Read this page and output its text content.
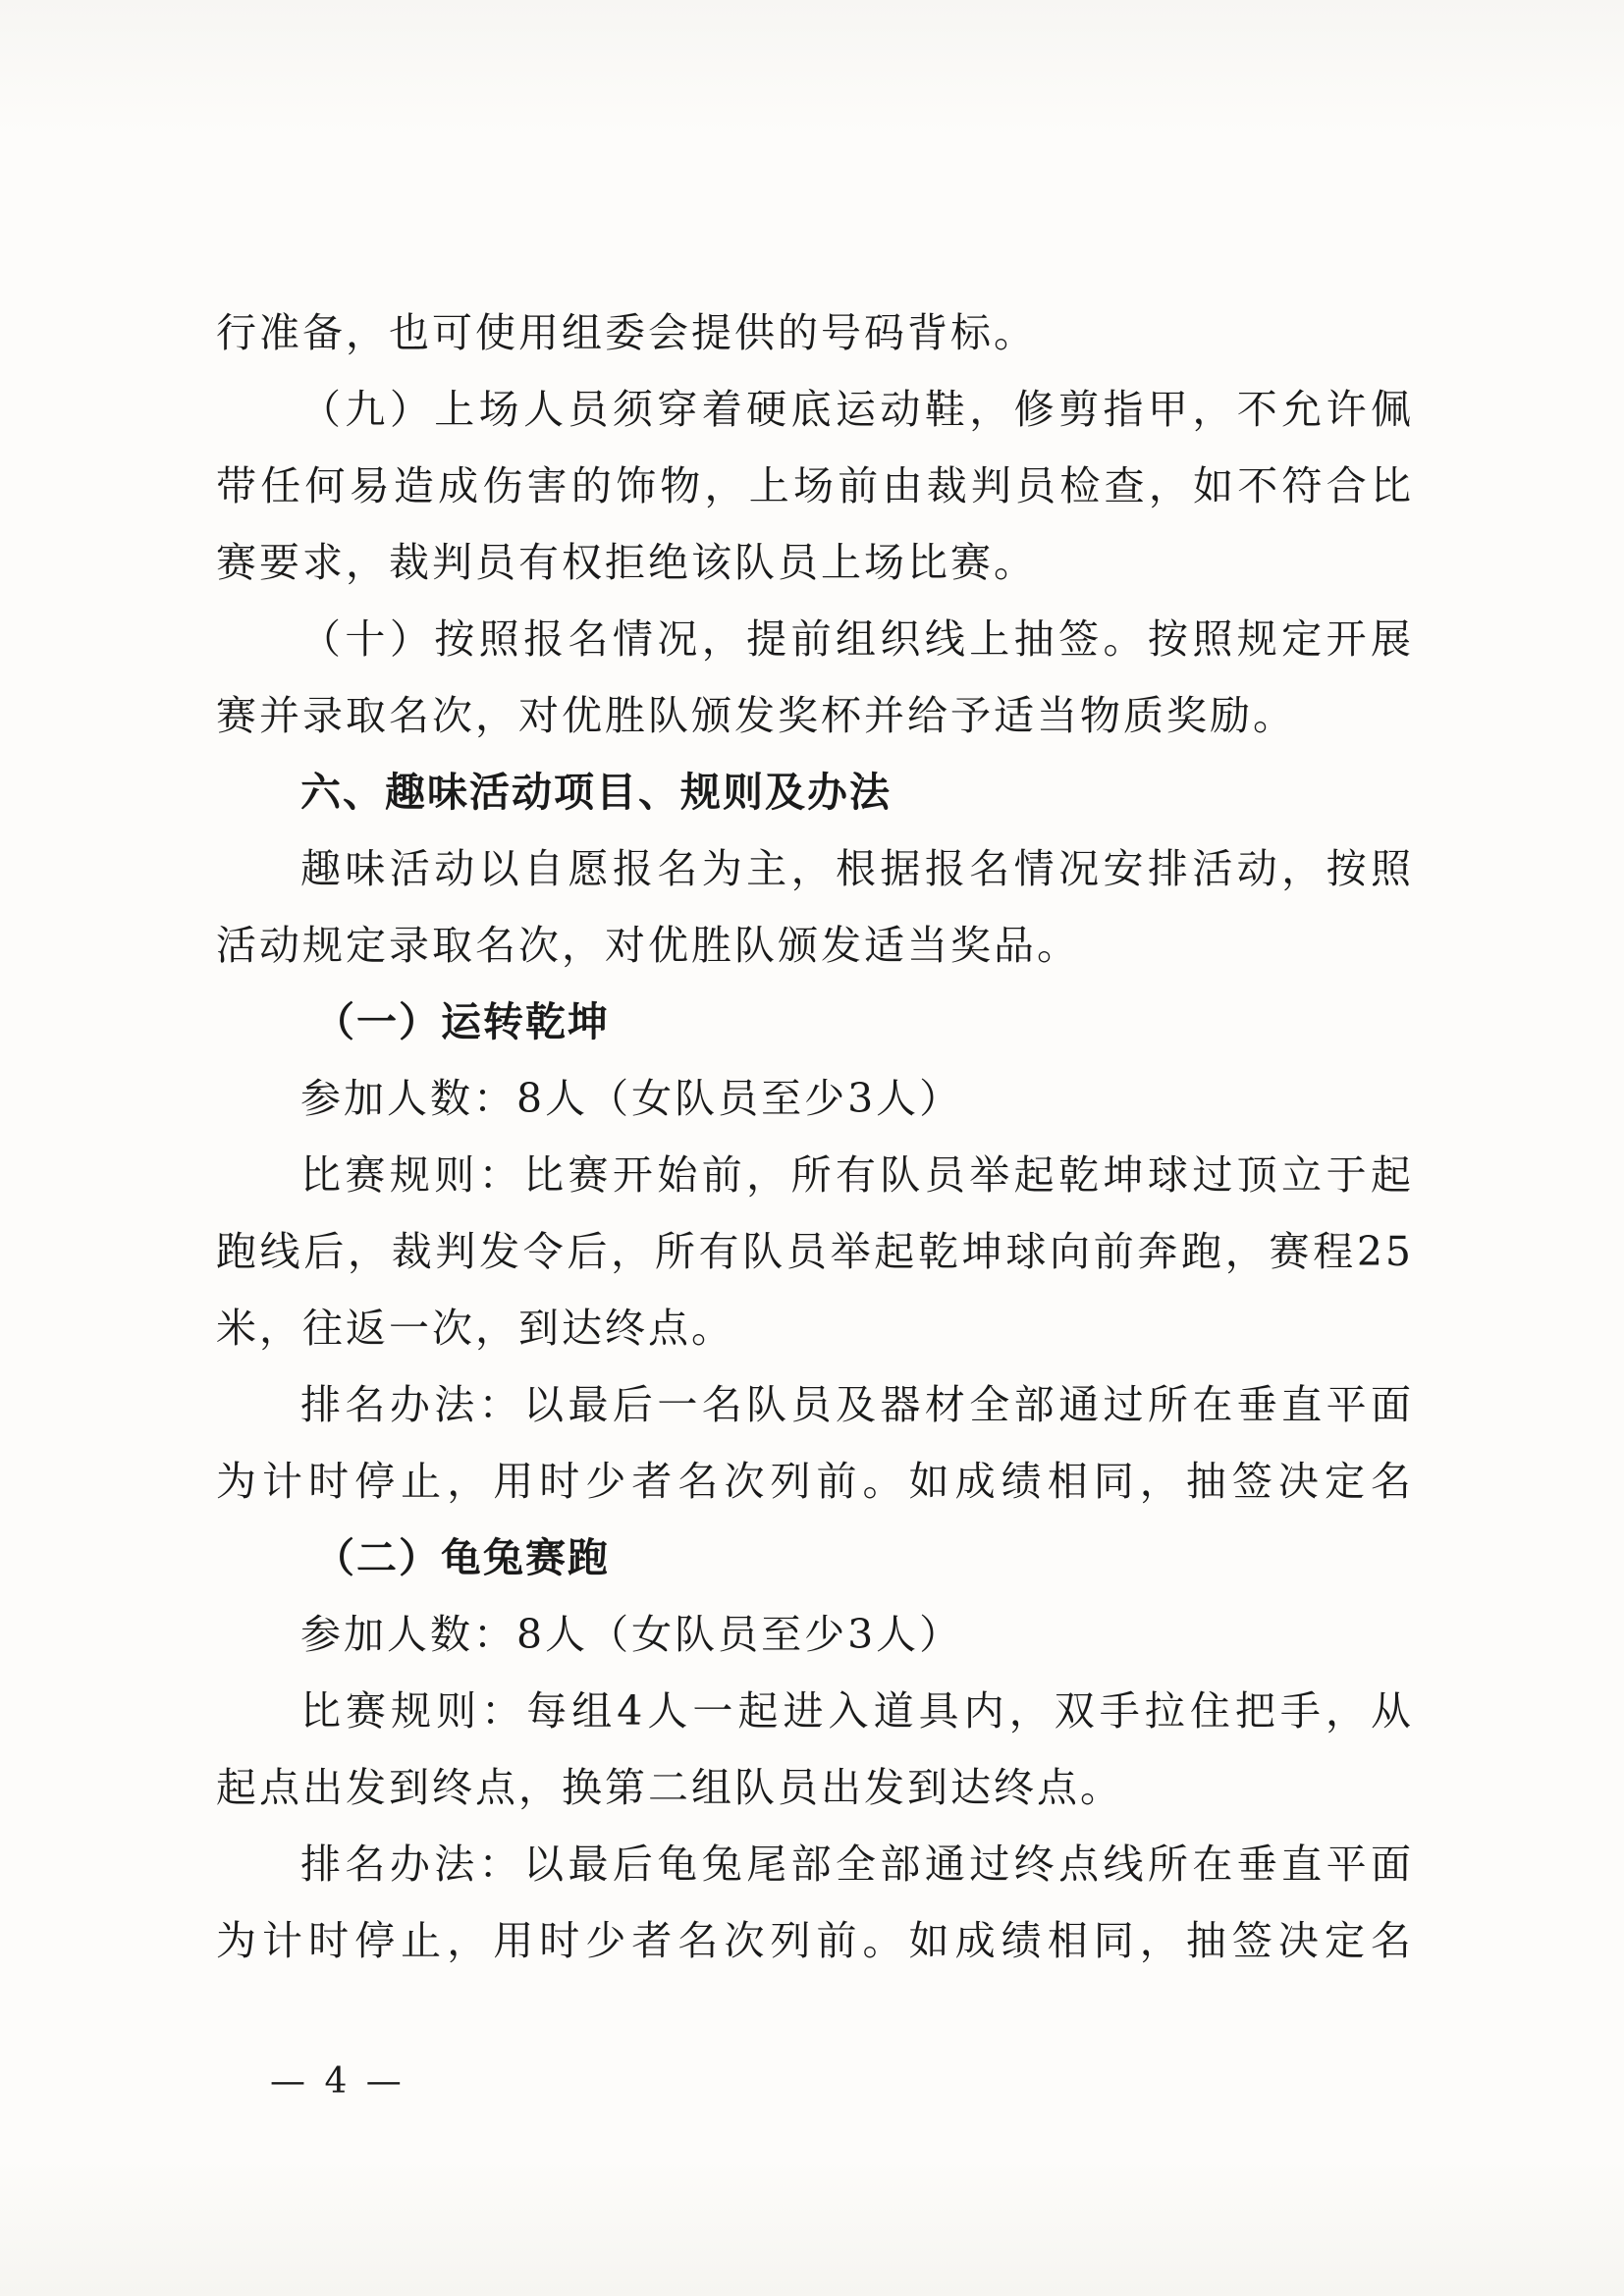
行准备，也可使用组委会提供的号码背标。
（九）上场人员须穿着硬底运动鞋，修剪指甲，不允许佩
带任何易造成伤害的饰物，上场前由裁判员检查，如不符合比
赛要求，裁判员有权拒绝该队员上场比赛。
（十）按照报名情况，提前组织线上抽签。按照规定开展
赛并录取名次，对优胜队颁发奖杯并给予适当物质奖励。
六、趣味活动项目、规则及办法
趣味活动以自愿报名为主，根据报名情况安排活动，按照
活动规定录取名次，对优胜队颁发适当奖品。
（一）运转乾坤
参加人数：8人（女队员至少3人）
比赛规则：比赛开始前，所有队员举起乾坤球过顶立于起
跑线后，裁判发令后，所有队员举起乾坤球向前奔跑，赛程25
米，往返一次，到达终点。
排名办法：以最后一名队员及器材全部通过所在垂直平面
为计时停止，用时少者名次列前。如成绩相同，抽签决定名
（二）龟兔赛跑
参加人数：8人（女队员至少3人）
比赛规则：每组4人一起进入道具内，双手拉住把手，从
起点出发到终点，换第二组队员出发到达终点。
排名办法：以最后龟兔尾部全部通过终点线所在垂直平面
为计时停止，用时少者名次列前。如成绩相同，抽签决定名
— 4 —
